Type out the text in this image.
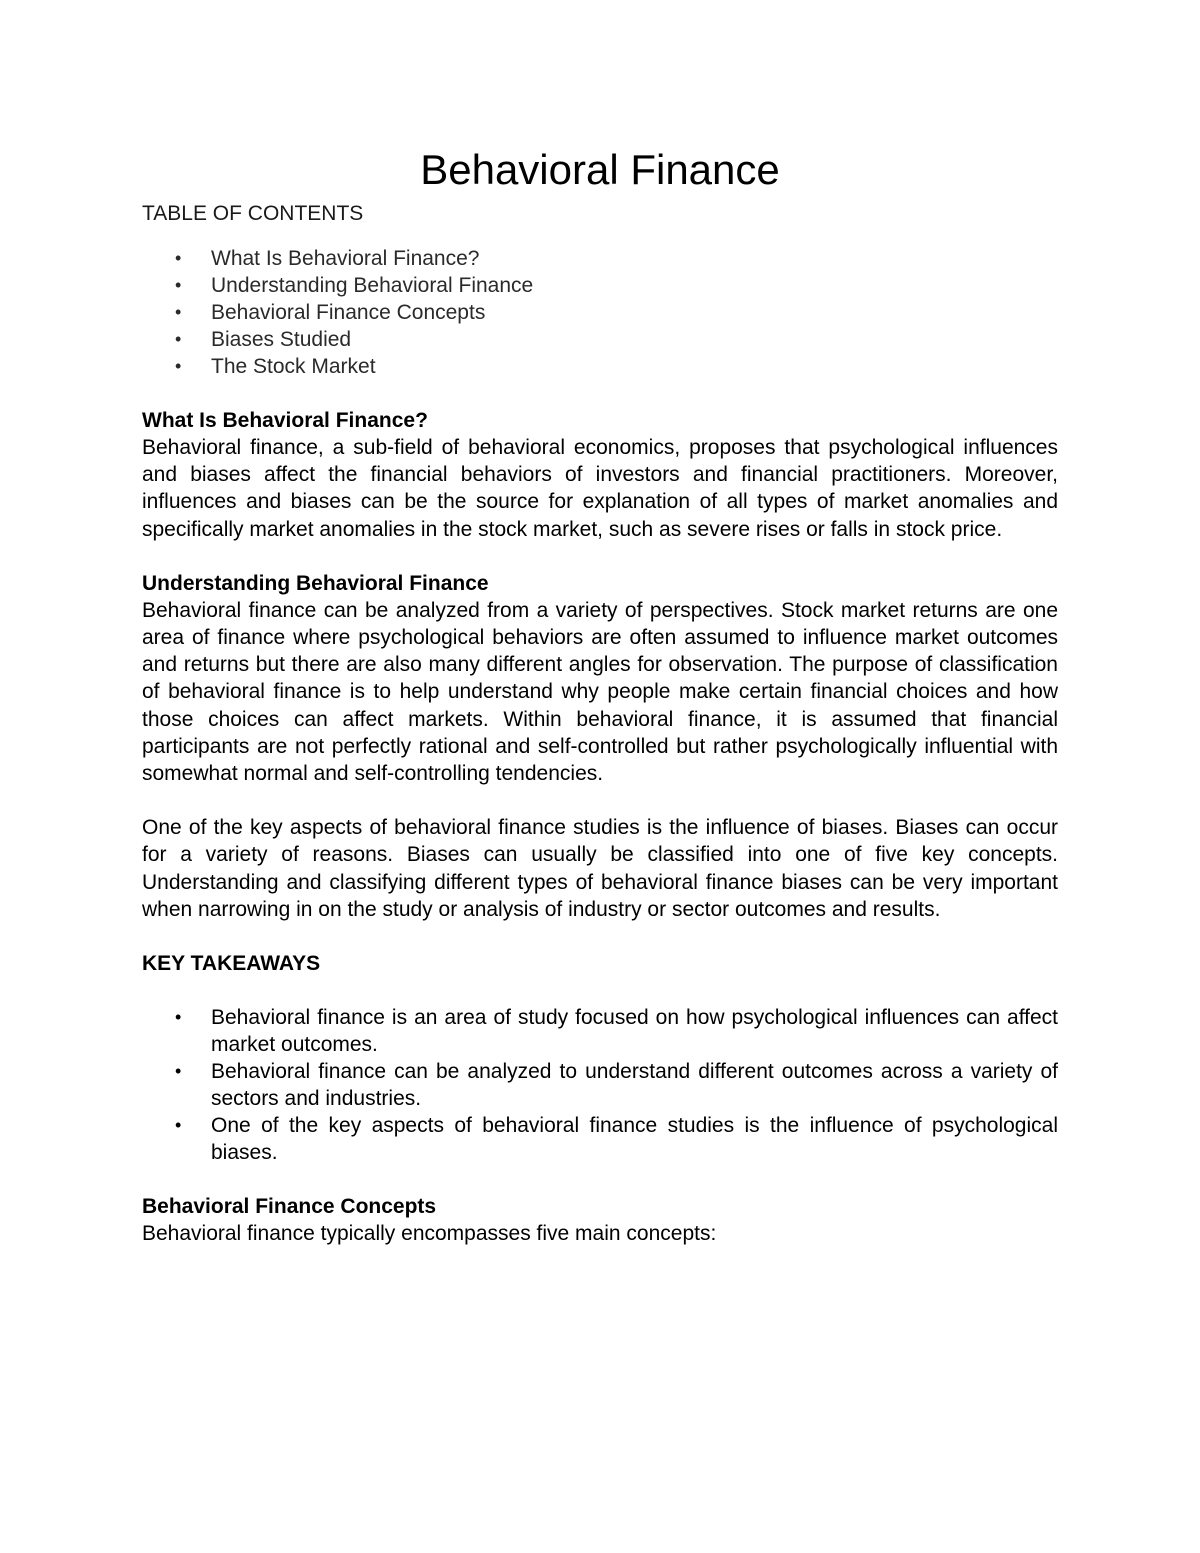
Behavioral Finance
TABLE OF CONTENTS
• What Is Behavioral Finance?
• Understanding Behavioral Finance
• Behavioral Finance Concepts
• Biases Studied
• The Stock Market
What Is Behavioral Finance?

Behavioral finance, a sub-field of behavioral economics, proposes that psychological influences and biases affect the financial behaviors of investors and financial practitioners. Moreover, influences and biases can be the source for explanation of all types of market anomalies and specifically market anomalies in the stock market, such as severe rises or falls in stock price.

Understanding Behavioral Finance

Behavioral finance can be analyzed from a variety of perspectives. Stock market returns are one area of finance where psychological behaviors are often assumed to influence market outcomes and returns but there are also many different angles for observation. The purpose of classification of behavioral finance is to help understand why people make certain financial choices and how those choices can affect markets. Within behavioral finance, it is assumed that financial participants are not perfectly rational and self-controlled but rather psychologically influential with somewhat normal and self-controlling tendencies.

One of the key aspects of behavioral finance studies is the influence of biases. Biases can occur for a variety of reasons. Biases can usually be classified into one of five key concepts. Understanding and classifying different types of behavioral finance biases can be very important when narrowing in on the study or analysis of industry or sector outcomes and results.

KEY TAKEAWAYS
• Behavioral finance is an area of study focused on how psychological influences can affect market outcomes.
• Behavioral finance can be analyzed to understand different outcomes across a variety of sectors and industries.
• One of the key aspects of behavioral finance studies is the influence of psychological biases.
Behavioral Finance Concepts

Behavioral finance typically encompasses five main concepts:
